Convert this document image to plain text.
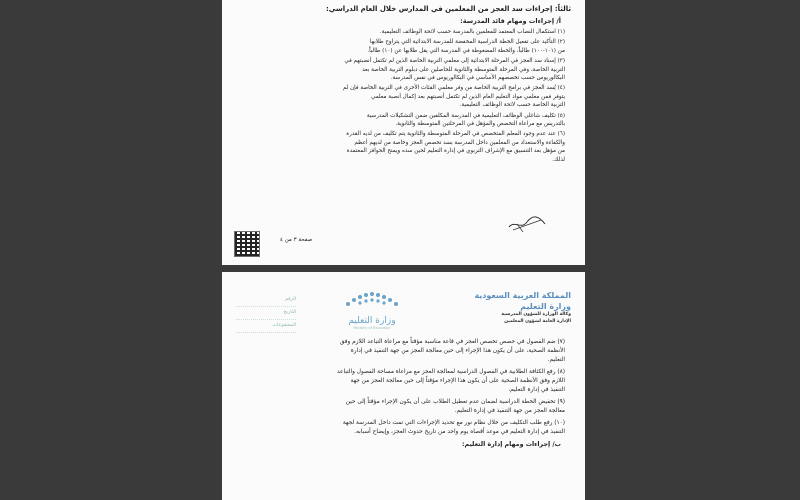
ثالثاً: إجراءات سد العجز من المعلمين في المدارس خلال العام الدراسي:

أ/ إجراءات ومهام قائد المدرسة:

(١) استكمال النصاب المعتمد للمعلمين بالمدرسة حسب لائحة الوظائف التعليمية.

(٢) التأكيد على تفعيل الخطة الدراسية المخفضة للمدرسة الابتدائية التي يتراوح طلابها
من (١٠١-١٠٠) طالباً، والخطة المضغوطة في المدرسة التي يقل طلابها عن (١٠) طالباً.

(٣) إسناد سد العجز في المرحلة الابتدائية إلى معلمي التربية الخاصة الذين لم تكتمل أنصبتهم في
التربية الخاصة، وفي المرحلة المتوسطة والثانوية للحاصلين على دبلوم التربية الخاصة بعد
البكالوريوس حسب تخصصهم الأساسي في البكالوريوس في نفس المدرسة.

(٤) يُسد العجز في برامج التربية الخاصة من وفر معلمي الفئات الأخرى في التربية الخاصة فإن لم
يتوفر فمن معلمي مواد التعليم العام الذين لم تكتمل أنصبتهم بعد إكمال أنصبة معلمي
التربية الخاصة حسب لائحة الوظائف التعليمية.

(٥) تكليف شاغلي الوظائف التعليمية في المدرسة المكلفين ضمن التشكيلات المدرسية
بالتدريس مع مراعاة التخصص والمؤهل في المرحلتين المتوسطة والثانوية.

(٦) عند عدم وجود المعلم المتخصص في المرحلة المتوسطة والثانوية يتم تكليف من لديه القدرة
والكفاءة والاستعداد من المعلمين داخل المدرسة بسد تخصص العجز وخاصة من لديهم أعظم
من مؤهل بعد التنسيق مع الإشراف التربوي في إدارة التعليم لحين سده ويمنح الحوافز المعتمدة
لذلك.

صفحة ٣ من ٤
المملكة العربية السعودية
وزارة التعليم
وكالة الوزارة للشؤون المدرسية
الإدارة العامة لشؤون المعلمين
وزارة التعليم
Ministry of Education
الرقم
التاريخ
المشفوعات

(٧) ضم الفصول في حصص تخصص العجز في قاعة مناسبة مؤقتاً مع مراعاة التباعد اللازم وفق
الأنظمة الصحية، على أن يكون هذا الإجراء إلى حين معالجة العجز من جهة التنفيذ في إدارة
التعليم.

(٨) رفع الكثافة الطلابية في الفصول الدراسية لمعالجة العجز مع مراعاة مساحة الفصول والتباعد
اللازم وفق الأنظمة الصحية على أن يكون هذا الإجراء مؤقتاً إلى حين معالجة العجز من جهة
التنفيذ في إدارة التعليم.

(٩) تخفيض الخطة الدراسية لضمان عدم تعطيل الطلاب على أن يكون الإجراء مؤقتاً إلى حين
معالجة العجز من جهة التنفيذ في إدارة التعليم.

(١٠) رفع طلب التكليف من خلال نظام نور مع تحديد الإجراءات التي تمت داخل المدرسة لجهة
التنفيذ في إدارة التعليم في موعد أقصاه يوم واحد من تاريخ حدوث العجز، وإيضاح أسبابه.

ب/ إجراءات ومهام إدارة التعليم:
